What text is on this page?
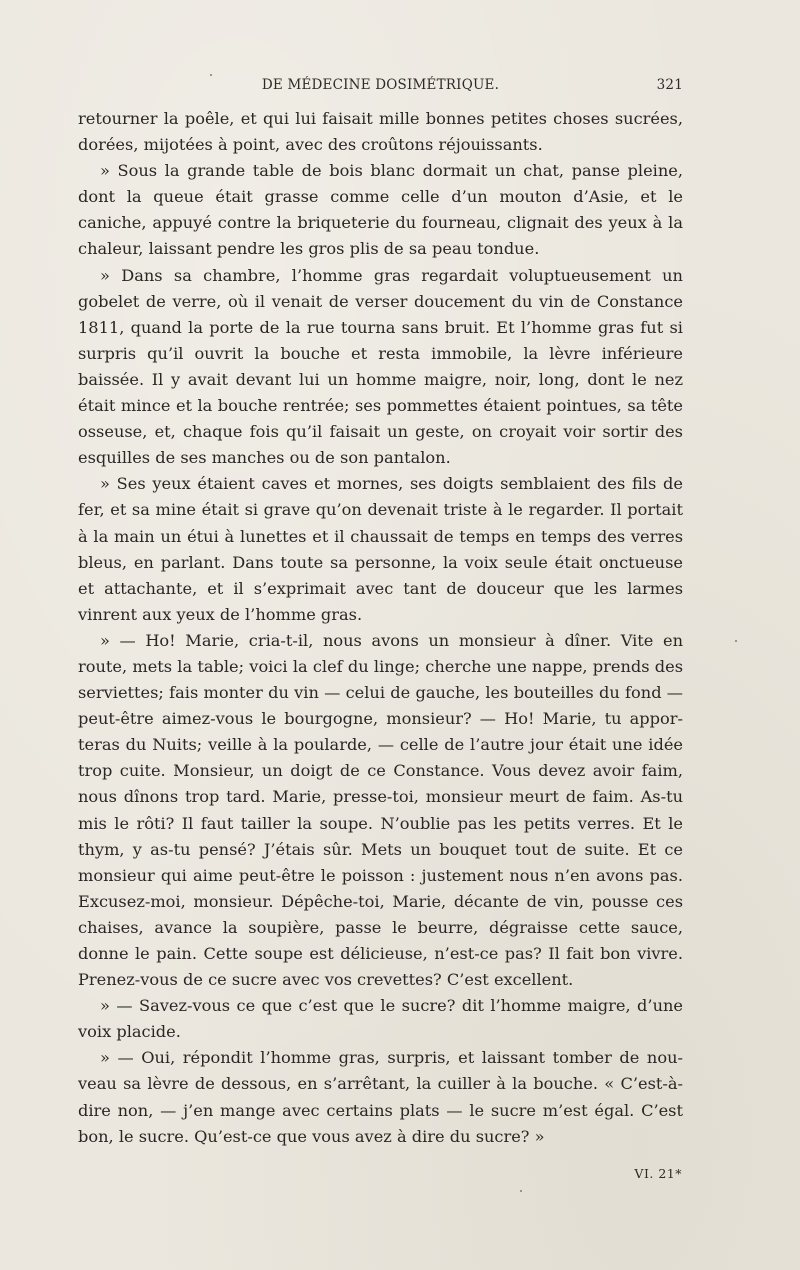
DE MÉDECINE DOSIMÉTRIQUE.	321

retourner la poêle, et qui lui faisait mille bonnes petites choses sucrées, dorées, mijotées à point, avec des croûtons réjouissants.

» Sous la grande table de bois blanc dormait un chat, panse pleine, dont la queue était grasse comme celle d’un mouton d’Asie, et le caniche, appuyé contre la briqueterie du fourneau, clignait des yeux à la chaleur, laissant pendre les gros plis de sa peau tondue.

» Dans sa chambre, l’homme gras regardait voluptueusement un gobelet de verre, où il venait de verser doucement du vin de Constance 1811, quand la porte de la rue tourna sans bruit. Et l’homme gras fut si surpris qu’il ouvrit la bouche et resta immobile, la lèvre inférieure baissée. Il y avait devant lui un homme maigre, noir, long, dont le nez était mince et la bouche rentrée; ses pommettes étaient pointues, sa tête osseuse, et, chaque fois qu’il faisait un geste, on croyait voir sortir des esquilles de ses manches ou de son pantalon.

» Ses yeux étaient caves et mornes, ses doigts semblaient des fils de fer, et sa mine était si grave qu’on devenait triste à le regarder. Il portait à la main un étui à lunettes et il chaussait de temps en temps des verres bleus, en parlant. Dans toute sa personne, la voix seule était onctueuse et attachante, et il s’exprimait avec tant de douceur que les larmes vinrent aux yeux de l’homme gras.

» — Ho! Marie, cria-t-il, nous avons un monsieur à dîner. Vite en route, mets la table; voici la clef du linge; cherche une nappe, prends des serviettes; fais monter du vin — celui de gauche, les bouteilles du fond — peut-être aimez-vous le bourgogne, monsieur? — Ho! Marie, tu apporteras du Nuits; veille à la poularde, — celle de l’autre jour était une idée trop cuite. Monsieur, un doigt de ce Constance. Vous devez avoir faim, nous dînons trop tard. Marie, presse-toi, monsieur meurt de faim. As-tu mis le rôti? Il faut tailler la soupe. N’oublie pas les petits verres. Et le thym, y as-tu pensé? J’étais sûr. Mets un bouquet tout de suite. Et ce monsieur qui aime peut-être le poisson : justement nous n’en avons pas. Excusez-moi, monsieur. Dépêche-toi, Marie, décante de vin, pousse ces chaises, avance la soupière, passe le beurre, dégraisse cette sauce, donne le pain. Cette soupe est délicieuse, n’est-ce pas? Il fait bon vivre. Prenez-vous de ce sucre avec vos crevettes? C’est excellent.

» — Savez-vous ce que c’est que le sucre? dit l’homme maigre, d’une voix placide.

» — Oui, répondit l’homme gras, surpris, et laissant tomber de nouveau sa lèvre de dessous, en s’arrêtant, la cuiller à la bouche. « C’est-à-dire non, — j’en mange avec certains plats — le sucre m’est égal. C’est bon, le sucre. Qu’est-ce que vous avez à dire du sucre? »

VI. 21*
